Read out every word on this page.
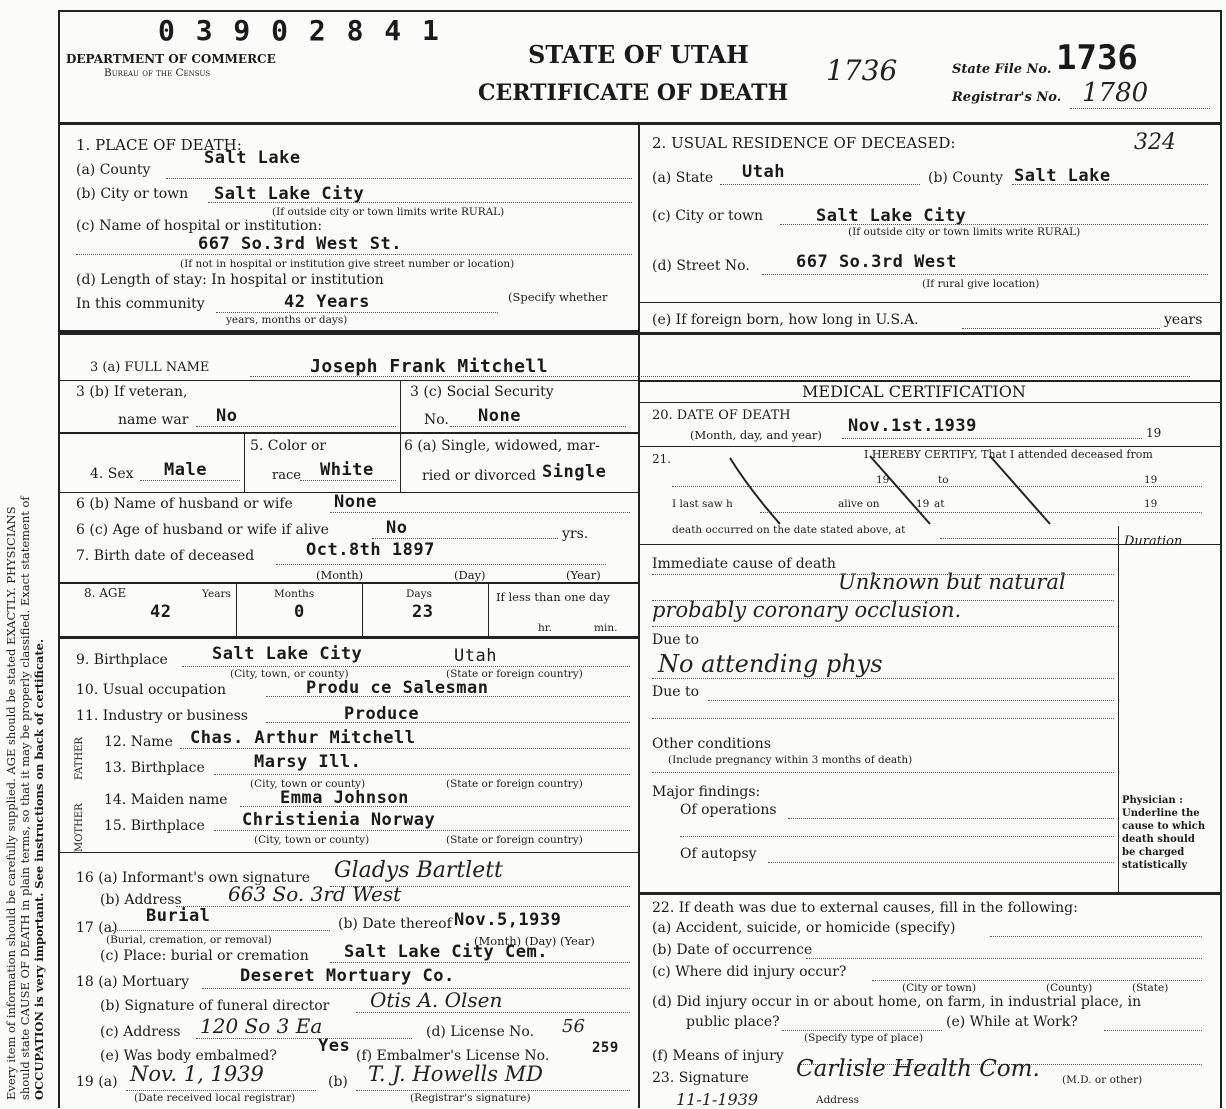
Every item of information should be carefully supplied. AGE should be stated EXACTLY. PHYSICIANS should state CAUSE OF DEATH in plain terms, so that it may be properly classified. Exact statement of OCCUPATION is very important. See instructions on back of certificate.
0 3 9 0 2 8 4 1
DEPARTMENT OF COMMERCE
Bureau of the Census
STATE OF UTAH
CERTIFICATE OF DEATH
1736	State File No. 1736
Registrar's No. 1780
1. PLACE OF DEATH:
(a) County
Salt Lake
(b) City or town Salt Lake City
(If outside city or town limits write RURAL)
(c) Name of hospital or institution:
667 So.3rd West St.
(If not in hospital or institution give street number or location)
(d) Length of stay: In hospital or institution
In this community	42 Years	(Specify whether
years, months or days)
2. USUAL RESIDENCE OF DECEASED:	324
(a) State Utah	(b) County Salt Lake
(c) City or town	Salt Lake City
(If outside city or town limits write RURAL)
(d) Street No.	667 So.3rd West
(If rural give location)
(e) If foreign born, how long in U.S.A.	years
3 (a) FULL NAME	Joseph Frank Mitchell
MEDICAL CERTIFICATION
3 (b) If veteran,
name war No
3 (c) Social Security
No. None
4. Sex Male
5. Color or
race White
6 (a) Single, widowed, mar-
ried or divorced Single
6 (b) Name of husband or wife None
6 (c) Age of husband or wife if alive	No	yrs.
7. Birth date of deceased	Oct.8th 1897
(Month)	(Day)	(Year)
8. AGE	Years
42
Months
0
Days
23
If less than one day
hr.	min.
9. Birthplace	Salt Lake City	Utah
(City, town, or county)	(State or foreign country)
10. Usual occupation	Produ ce Salesman
11. Industry or business	Produce
FATHER
MOTHER
12. Name Chas. Arthur Mitchell
13. Birthplace	Marsy Ill.
(City, town or county)	(State or foreign country)
14. Maiden name	Emma Johnson
15. Birthplace Christienia Norway
(City, town or county)	(State or foreign country)
16 (a) Informant's own signature Gladys Bartlett
(b) Address 663 So. 3rd West
17 (a)
Burial
(Burial, cremation, or removal)
(b) Date thereof Nov.5,1939
(Month) (Day) (Year)
(c) Place: burial or cremation Salt Lake City Cem.
18 (a) Mortuary	Deseret Mortuary Co.
(b) Signature of funeral director Otis A. Olsen
(c) Address 120 So 3 Ea	(d) License No. 56
(e) Was body embalmed? Yes (f) Embalmer's License No.	259
19 (a) Nov. 1, 1939
(Date received local registrar)
(b) T. J. Howells MD
(Registrar's signature)
20. DATE OF DEATH
(Month, day, and year) Nov.1st.1939	19
21.	I HEREBY CERTIFY, That I attended deceased from
19	to	19
I last saw h	alive on	19 at	19
death occurred on the date stated above, at
Duration
Immediate cause of death
Unknown but natural probably coronary occlusion.
Due to
No attending phys
Due to
Other conditions
(Include pregnancy within 3 months of death)
Major findings:
Of operations
Of autopsy
Physician : Underline the cause to which death should be charged statistically
22. If death was due to external causes, fill in the following:
(a) Accident, suicide, or homicide (specify)
(b) Date of occurrence
(c) Where did injury occur?
(City or town)	(County)	(State)
(d) Did injury occur in or about home, on farm, in industrial place, in
public place?	(e) While at Work?
(Specify type of place)
(f) Means of injury
23. Signature Carlisle Health Com. (M.D. or other)
11-1-1939	Address
